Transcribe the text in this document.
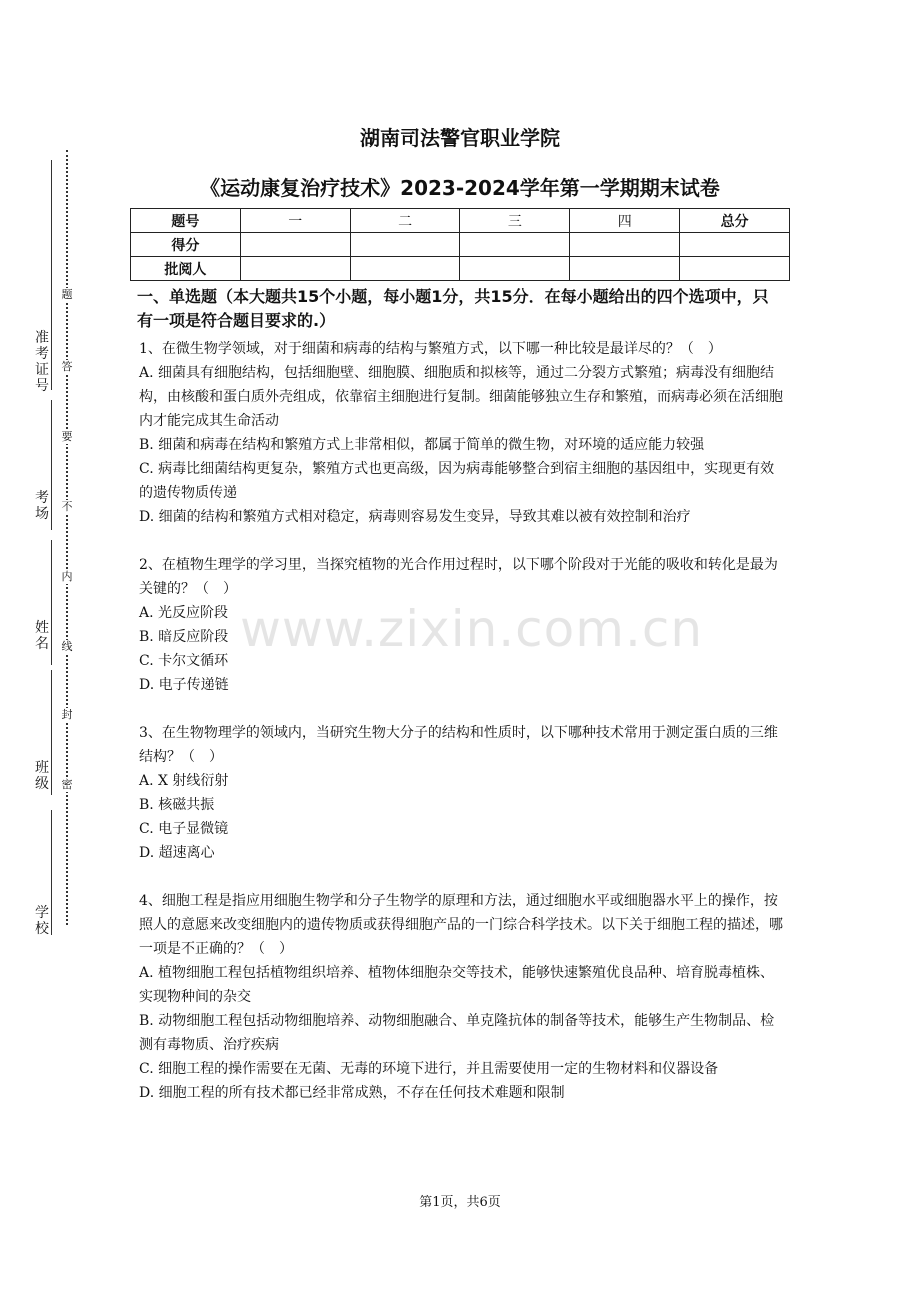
准考证号
考场
姓名
班级
学校
题
答
要
不
内
线
封
密
湖南司法警官职业学院
《运动康复治疗技术》2023-2024学年第一学期期末试卷
题号	一	二	三	四	总分
得分					
批阅人					

一、单选题（本大题共15个小题，每小题1分，共15分．在每小题给出的四个选项中，只有一项是符合题目要求的.）

1、在微生物学领域，对于细菌和病毒的结构与繁殖方式，以下哪一种比较是最详尽的？（　）

A. 细菌具有细胞结构，包括细胞壁、细胞膜、细胞质和拟核等，通过二分裂方式繁殖；病毒没有细胞结构，由核酸和蛋白质外壳组成，依靠宿主细胞进行复制。细菌能够独立生存和繁殖，而病毒必须在活细胞内才能完成其生命活动

B. 细菌和病毒在结构和繁殖方式上非常相似，都属于简单的微生物，对环境的适应能力较强

C. 病毒比细菌结构更复杂，繁殖方式也更高级，因为病毒能够整合到宿主细胞的基因组中，实现更有效的遗传物质传递

D. 细菌的结构和繁殖方式相对稳定，病毒则容易发生变异，导致其难以被有效控制和治疗

2、在植物生理学的学习里，当探究植物的光合作用过程时，以下哪个阶段对于光能的吸收和转化是最为关键的？（　）

A. 光反应阶段

B. 暗反应阶段

C. 卡尔文循环

D. 电子传递链

3、在生物物理学的领域内，当研究生物大分子的结构和性质时，以下哪种技术常用于测定蛋白质的三维结构？（　）

A. X 射线衍射

B. 核磁共振

C. 电子显微镜

D. 超速离心

4、细胞工程是指应用细胞生物学和分子生物学的原理和方法，通过细胞水平或细胞器水平上的操作，按照人的意愿来改变细胞内的遗传物质或获得细胞产品的一门综合科学技术。以下关于细胞工程的描述，哪一项是不正确的？（　）

A. 植物细胞工程包括植物组织培养、植物体细胞杂交等技术，能够快速繁殖优良品种、培育脱毒植株、实现物种间的杂交

B. 动物细胞工程包括动物细胞培养、动物细胞融合、单克隆抗体的制备等技术，能够生产生物制品、检测有毒物质、治疗疾病

C. 细胞工程的操作需要在无菌、无毒的环境下进行，并且需要使用一定的生物材料和仪器设备

D. 细胞工程的所有技术都已经非常成熟，不存在任何技术难题和限制

www.zixin.com.cn
第1页，共6页
